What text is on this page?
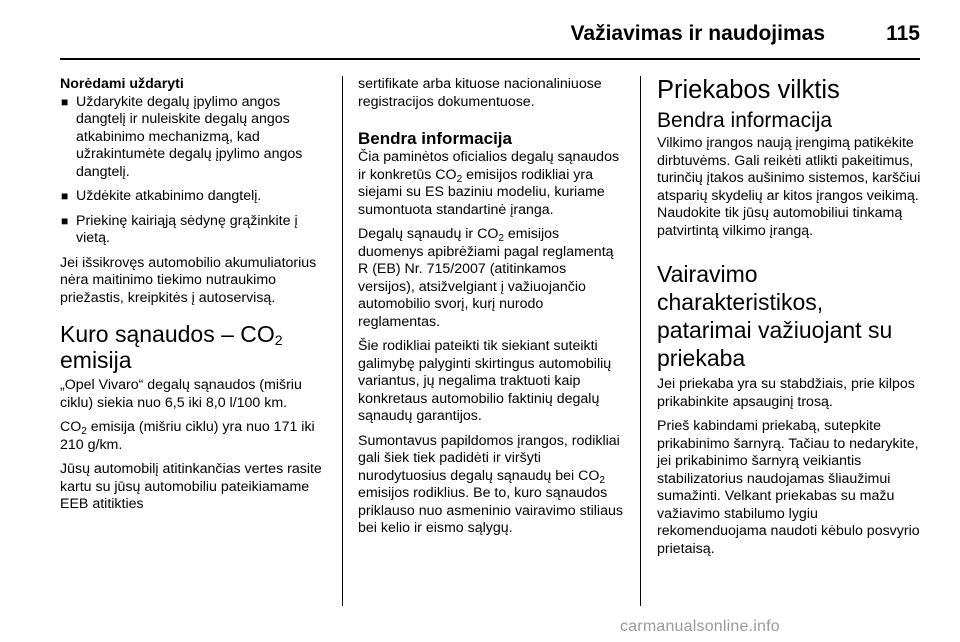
Važiavimas ir naudojimas	115

Norėdami uždaryti

■ Uždarykite degalų įpylimo angos dangtelį ir nuleiskite degalų angos atkabinimo mechanizmą, kad užrakintumėte degalų įpylimo angos dangtelį.
■ Uždėkite atkabinimo dangtelį.
■ Priekinę kairiąją sėdynę grąžinkite į vietą.

Jei išsikrovęs automobilio akumuliatorius nėra maitinimo tiekimo nutraukimo priežastis, kreipkitės į autoservisą.

Kuro sąnaudos – $CO_2$
emisija

„Opel Vivaro“ degalų sąnaudos (mišriu ciklu) siekia nuo 6,5 iki 8,0 l/100 km.

$CO_2$ emisija (mišriu ciklu) yra nuo 171 iki 210 g/km.

Jūsų automobilį atitinkančias vertes rasite kartu su jūsų automobiliu pateikiamame EEB atitikties

sertifikate arba kituose nacionaliniuose registracijos dokumentuose.

Bendra informacija

Čia paminėtos oficialios degalų sąnaudos ir konkretūs $CO_2$ emisijos rodikliai yra siejami su ES baziniu modeliu, kuriame sumontuota standartinė įranga.

Degalų sąnaudų ir $CO_2$ emisijos duomenys apibrėžiami pagal reglamentą R (EB) Nr. 715/2007 (atitinkamos versijos), atsižvelgiant į važiuojančio automobilio svorį, kurį nurodo reglamentas.

Šie rodikliai pateikti tik siekiant suteikti galimybę palyginti skirtingus automobilių variantus, jų negalima traktuoti kaip konkretaus automobilio faktinių degalų sąnaudų garantijos.

Sumontavus papildomos įrangos, rodikliai gali šiek tiek padidėti ir viršyti nurodytuosius degalų sąnaudų bei $CO_2$ emisijos rodiklius. Be to, kuro sąnaudos priklauso nuo asmeninio vairavimo stiliaus bei kelio ir eismo sąlygų.

Priekabos vilktis
Bendra informacija

Vilkimo įrangos naują įrengimą patikėkite dirbtuvėms. Gali reikėti atlikti pakeitimus, turinčių įtakos aušinimo sistemos, karščiui atsparių skydelių ar kitos įrangos veikimą. Naudokite tik jūsų automobiliui tinkamą patvirtintą vilkimo įrangą.

Vairavimo charakteristikos, patarimai važiuojant su priekaba

Jei priekaba yra su stabdžiais, prie kilpos prikabinkite apsauginį trosą.

Prieš kabindami priekabą, sutepkite prikabinimo šarnyrą. Tačiau to nedarykite, jei prikabinimo šarnyrą veikiantis stabilizatorius naudojamas šliaužimui sumažinti. Velkant priekabas su mažu važiavimo stabilumo lygiu rekomenduojama naudoti kėbulo posvyrio prietaisą.

carmanualsonline.info
